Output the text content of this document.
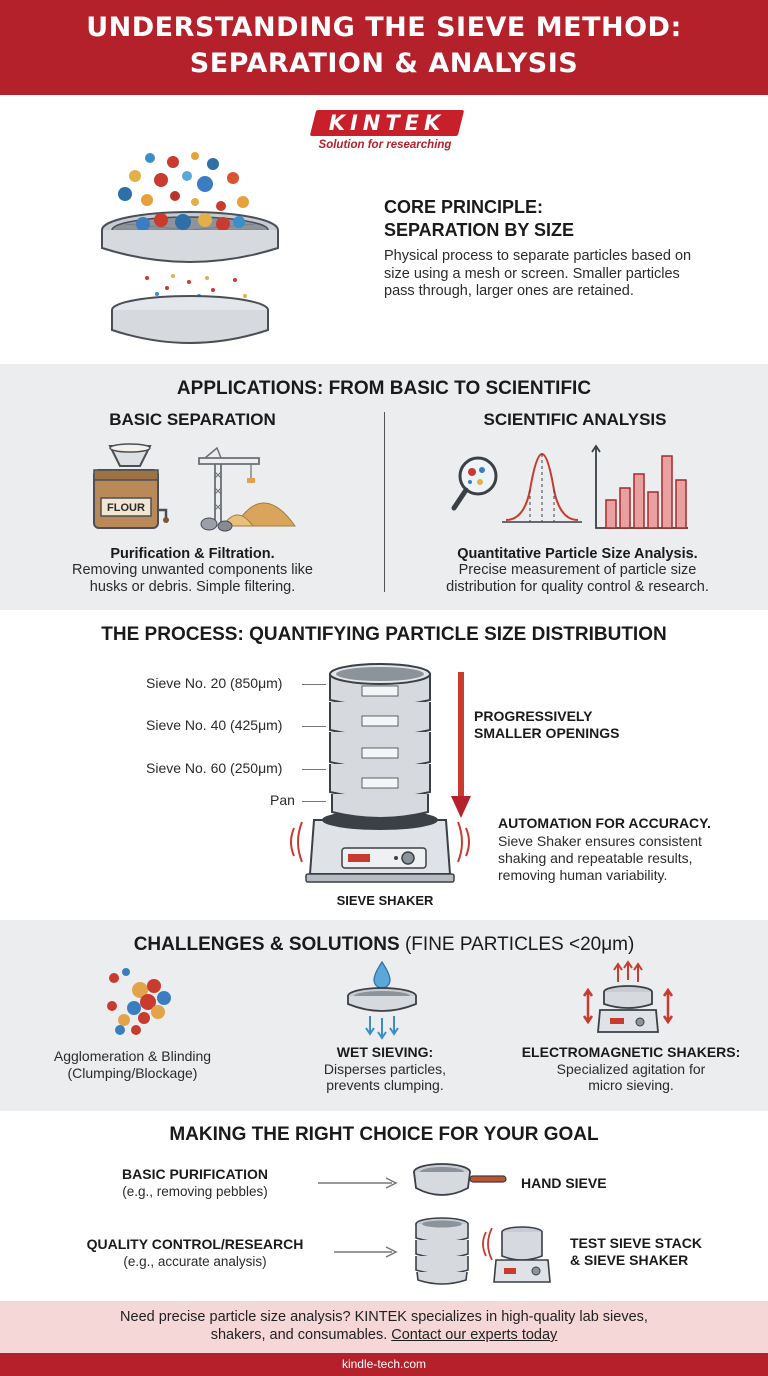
UNDERSTANDING THE SIEVE METHOD:
SEPARATION & ANALYSIS
KINTEK
Solution for researching
CORE PRINCIPLE:
SEPARATION BY SIZE
Physical process to separate particles based on size using a mesh or screen. Smaller particles pass through, larger ones are retained.
APPLICATIONS: FROM BASIC TO SCIENTIFIC
BASIC SEPARATION	SCIENTIFIC ANALYSIS
FLOUR
Purification & Filtration.
Removing unwanted components like
husks or debris. Simple filtering.
Quantitative Particle Size Analysis.
Precise measurement of particle size
distribution for quality control & research.
THE PROCESS: QUANTIFYING PARTICLE SIZE DISTRIBUTION
Sieve No. 20 (850μm)
Sieve No. 40 (425μm)
Sieve No. 60 (250μm)
Pan
PROGRESSIVELY
SMALLER OPENINGS
AUTOMATION FOR ACCURACY.
Sieve Shaker ensures consistent shaking and repeatable results, removing human variability.
SIEVE SHAKER
CHALLENGES & SOLUTIONS (FINE PARTICLES <20μm)
Agglomeration & Blinding
(Clumping/Blockage)
WET SIEVING:
Disperses particles,
prevents clumping.
ELECTROMAGNETIC SHAKERS:
Specialized agitation for
micro sieving.
MAKING THE RIGHT CHOICE FOR YOUR GOAL
BASIC PURIFICATION
(e.g., removing pebbles)
HAND SIEVE
QUALITY CONTROL/RESEARCH
(e.g., accurate analysis)
TEST SIEVE STACK
& SIEVE SHAKER
Need precise particle size analysis? KINTEK specializes in high-quality lab sieves,
shakers, and consumables. Contact our experts today
kindle-tech.com
